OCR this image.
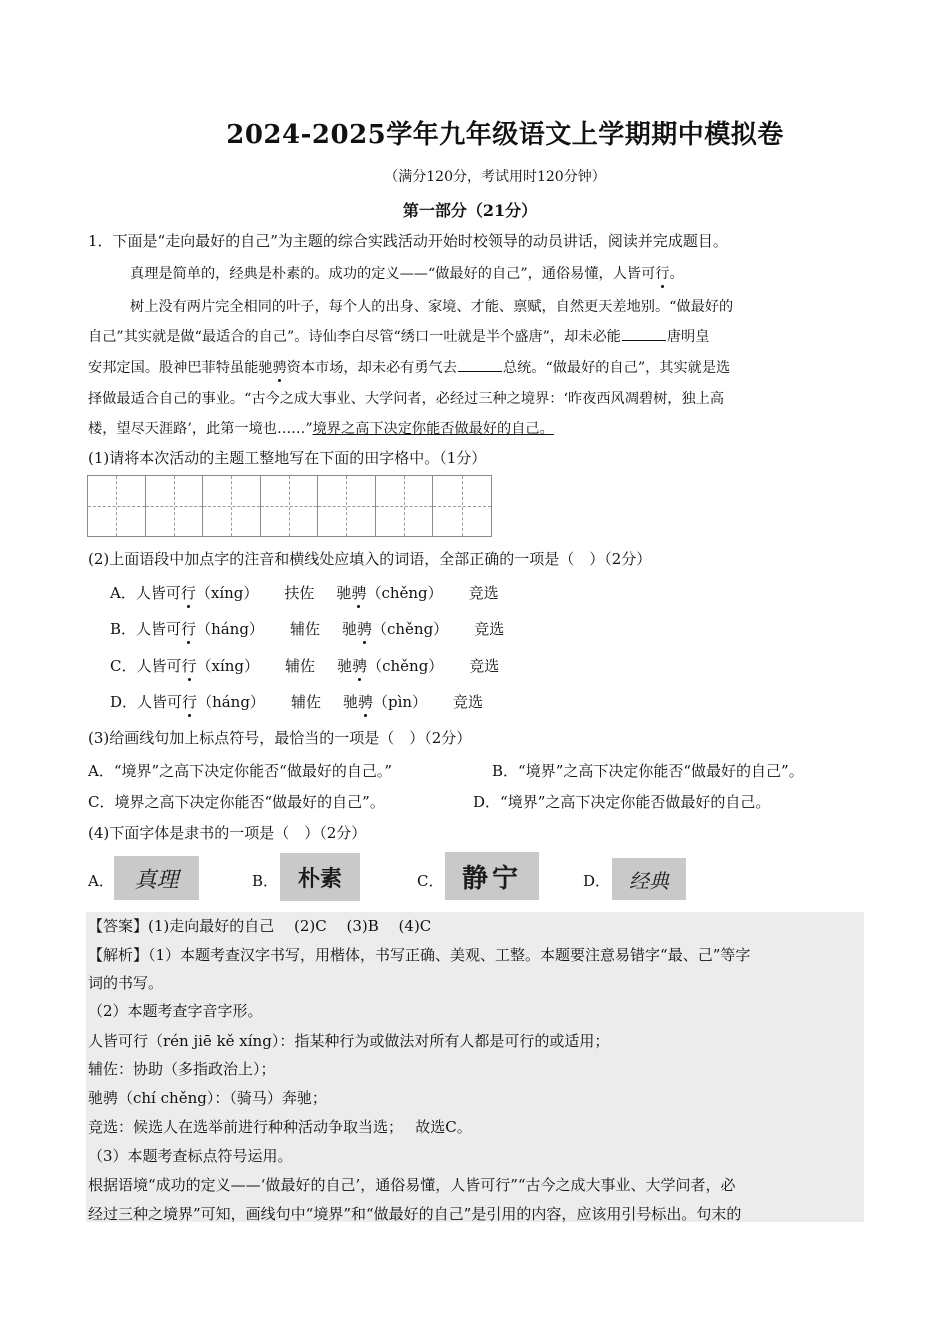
2024-2025学年九年级语文上学期期中模拟卷
（满分120分，考试用时120分钟）
第一部分（21分）
1．下面是“走向最好的自己”为主题的综合实践活动开始时校领导的动员讲话，阅读并完成题目。
真理是简单的，经典是朴素的。成功的定义——“做最好的自己”，通俗易懂，人皆可行。
树上没有两片完全相同的叶子，每个人的出身、家境、才能、禀赋，自然更天差地别。“做最好的
自己”其实就是做“最适合的自己”。诗仙李白尽管“绣口一吐就是半个盛唐”，却未必能	唐明皇
安邦定国。股神巴菲特虽能驰骋资本市场，却未必有勇气去	总统。“做最好的自己”，其实就是选
择做最适合自己的事业。“古今之成大事业、大学问者，必经过三种之境界：‘昨夜西风凋碧树，独上高
楼，望尽天涯路’，此第一境也……”境界之高下决定你能否做最好的自己。
(1)请将本次活动的主题工整地写在下面的田字格中。（1分）
(2)上面语段中加点字的注音和横线处应填入的词语，全部正确的一项是（　）（2分）
A．人皆可行（xíng） 扶佐 驰骋（chěng） 竞选
B．人皆可行（háng） 辅佐 驰骋（chěng） 竞选
C．人皆可行（xíng） 辅佐 驰骋（chěng） 竞选
D．人皆可行（háng） 辅佐 驰骋（pìn） 竞选
(3)给画线句加上标点符号，最恰当的一项是（　）（2分）
A．“境界”之高下决定你能否“做最好的自己。”	B．“境界”之高下决定你能否“做最好的自己”。
C．境界之高下决定你能否“做最好的自己”。	D．“境界”之高下决定你能否做最好的自己。
(4)下面字体是隶书的一项是（　）（2分）
A． 真理	B． 朴素	C． 静宁	D． 经典
【答案】(1)走向最好的自己　 (2)C　 (3)B　 (4)C
【解析】（1）本题考查汉字书写，用楷体，书写正确、美观、工整。本题要注意易错字“最、己”等字
词的书写。
（2）本题考查字音字形。
人皆可行（rén jiē kě xíng）：指某种行为或做法对所有人都是可行的或适用；
辅佐：协助（多指政治上）；
驰骋（chí chěng）：（骑马）奔驰；
竞选：候选人在选举前进行种种活动争取当选；　 故选C。
（3）本题考查标点符号运用。
根据语境“成功的定义——‘做最好的自己’，通俗易懂，人皆可行”“古今之成大事业、大学问者，必
经过三种之境界”可知，画线句中“境界”和“做最好的自己”是引用的内容，应该用引号标出。句末的
